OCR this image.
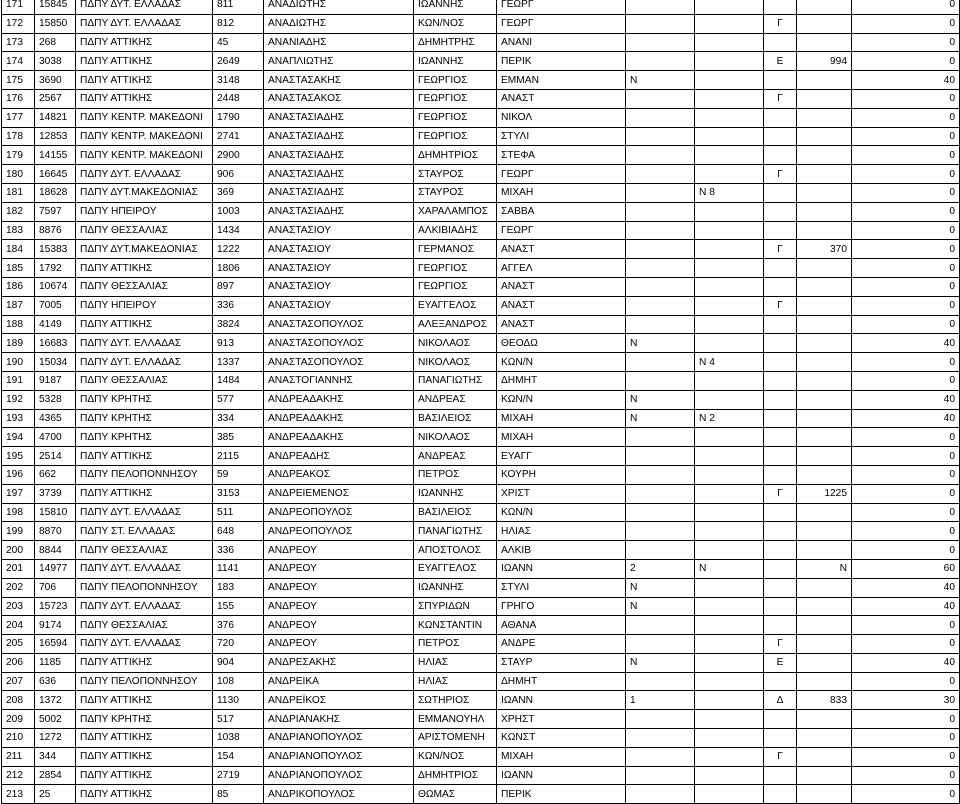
171	15845	ΠΔΠΥ ΔΥΤ. ΕΛΛΑΔΑΣ	811	ΑΝΑΔΙΩΤΗΣ	ΙΩΑΝΝΗΣ	ΓΕΩΡΓ					0
172	15850	ΠΔΠΥ ΔΥΤ. ΕΛΛΑΔΑΣ	812	ΑΝΑΔΙΩΤΗΣ	ΚΩΝ/ΝΟΣ	ΓΕΩΡΓ			Γ		0
173	268	ΠΔΠΥ ΑΤΤΙΚΗΣ	45	ΑΝΑΝΙΑΔΗΣ	ΔΗΜΗΤΡΗΣ	ΑΝΑΝΙ					0
174	3038	ΠΔΠΥ ΑΤΤΙΚΗΣ	2649	ΑΝΑΠΛΙΩΤΗΣ	ΙΩΑΝΝΗΣ	ΠΕΡΙΚ			Ε	994	0
175	3690	ΠΔΠΥ ΑΤΤΙΚΗΣ	3148	ΑΝΑΣΤΑΣΑΚΗΣ	ΓΕΩΡΓΙΟΣ	ΕΜΜΑΝ	Ν				40
176	2567	ΠΔΠΥ ΑΤΤΙΚΗΣ	2448	ΑΝΑΣΤΑΣΑΚΟΣ	ΓΕΩΡΓΙΟΣ	ΑΝΑΣΤ			Γ		0
177	14821	ΠΔΠΥ ΚΕΝΤΡ. ΜΑΚΕΔΟΝΙ	1790	ΑΝΑΣΤΑΣΙΑΔΗΣ	ΓΕΩΡΓΙΟΣ	ΝΙΚΟΛ					0
178	12853	ΠΔΠΥ ΚΕΝΤΡ. ΜΑΚΕΔΟΝΙ	2741	ΑΝΑΣΤΑΣΙΑΔΗΣ	ΓΕΩΡΓΙΟΣ	ΣΤΥΛΙ					0
179	14155	ΠΔΠΥ ΚΕΝΤΡ. ΜΑΚΕΔΟΝΙ	2900	ΑΝΑΣΤΑΣΙΑΔΗΣ	ΔΗΜΗΤΡΙΟΣ	ΣΤΕΦΑ					0
180	16645	ΠΔΠΥ ΔΥΤ. ΕΛΛΑΔΑΣ	906	ΑΝΑΣΤΑΣΙΑΔΗΣ	ΣΤΑΥΡΟΣ	ΓΕΩΡΓ			Γ		0
181	18628	ΠΔΠΥ ΔΥΤ.ΜΑΚΕΔΟΝΙΑΣ	369	ΑΝΑΣΤΑΣΙΑΔΗΣ	ΣΤΑΥΡΟΣ	ΜΙΧΑΗ		Ν 8			0
182	7597	ΠΔΠΥ ΗΠΕΙΡΟΥ	1003	ΑΝΑΣΤΑΣΙΑΔΗΣ	ΧΑΡΑΛΑΜΠΟΣ	ΣΑΒΒΑ					0
183	8876	ΠΔΠΥ ΘΕΣΣΑΛΙΑΣ	1434	ΑΝΑΣΤΑΣΙΟΥ	ΑΛΚΙΒΙΑΔΗΣ	ΓΕΩΡΓ					0
184	15383	ΠΔΠΥ ΔΥΤ.ΜΑΚΕΔΟΝΙΑΣ	1222	ΑΝΑΣΤΑΣΙΟΥ	ΓΕΡΜΑΝΟΣ	ΑΝΑΣΤ			Γ	370	0
185	1792	ΠΔΠΥ ΑΤΤΙΚΗΣ	1806	ΑΝΑΣΤΑΣΙΟΥ	ΓΕΩΡΓΙΟΣ	ΑΓΓΕΛ					0
186	10674	ΠΔΠΥ ΘΕΣΣΑΛΙΑΣ	897	ΑΝΑΣΤΑΣΙΟΥ	ΓΕΩΡΓΙΟΣ	ΑΝΑΣΤ					0
187	7005	ΠΔΠΥ ΗΠΕΙΡΟΥ	336	ΑΝΑΣΤΑΣΙΟΥ	ΕΥΑΓΓΕΛΟΣ	ΑΝΑΣΤ			Γ		0
188	4149	ΠΔΠΥ ΑΤΤΙΚΗΣ	3824	ΑΝΑΣΤΑΣΟΠΟΥΛΟΣ	ΑΛΕΞΑΝΔΡΟΣ	ΑΝΑΣΤ					0
189	16683	ΠΔΠΥ ΔΥΤ. ΕΛΛΑΔΑΣ	913	ΑΝΑΣΤΑΣΟΠΟΥΛΟΣ	ΝΙΚΟΛΑΟΣ	ΘΕΟΔΩ	Ν				40
190	15034	ΠΔΠΥ ΔΥΤ. ΕΛΛΑΔΑΣ	1337	ΑΝΑΣΤΑΣΟΠΟΥΛΟΣ	ΝΙΚΟΛΑΟΣ	ΚΩΝ/Ν		Ν 4			0
191	9187	ΠΔΠΥ ΘΕΣΣΑΛΙΑΣ	1484	ΑΝΑΣΤΟΓΙΑΝΝΗΣ	ΠΑΝΑΓΙΩΤΗΣ	ΔΗΜΗΤ					0
192	5328	ΠΔΠΥ ΚΡΗΤΗΣ	577	ΑΝΔΡΕΑΔΑΚΗΣ	ΑΝΔΡΕΑΣ	ΚΩΝ/Ν	Ν				40
193	4365	ΠΔΠΥ ΚΡΗΤΗΣ	334	ΑΝΔΡΕΑΔΑΚΗΣ	ΒΑΣΙΛΕΙΟΣ	ΜΙΧΑΗ	Ν	Ν 2			40
194	4700	ΠΔΠΥ ΚΡΗΤΗΣ	385	ΑΝΔΡΕΑΔΑΚΗΣ	ΝΙΚΟΛΑΟΣ	ΜΙΧΑΗ					0
195	2514	ΠΔΠΥ ΑΤΤΙΚΗΣ	2115	ΑΝΔΡΕΑΔΗΣ	ΑΝΔΡΕΑΣ	ΕΥΑΓΓ					0
196	662	ΠΔΠΥ ΠΕΛΟΠΟΝΝΗΣΟΥ	59	ΑΝΔΡΕΑΚΟΣ	ΠΕΤΡΟΣ	ΚΟΥΡΗ					0
197	3739	ΠΔΠΥ ΑΤΤΙΚΗΣ	3153	ΑΝΔΡΕΙΕΜΕΝΟΣ	ΙΩΑΝΝΗΣ	ΧΡΙΣΤ			Γ	1225	0
198	15810	ΠΔΠΥ ΔΥΤ. ΕΛΛΑΔΑΣ	511	ΑΝΔΡΕΟΠΟΥΛΟΣ	ΒΑΣΙΛΕΙΟΣ	ΚΩΝ/Ν					0
199	8870	ΠΔΠΥ ΣΤ. ΕΛΛΑΔΑΣ	648	ΑΝΔΡΕΟΠΟΥΛΟΣ	ΠΑΝΑΓΙΩΤΗΣ	ΗΛΙΑΣ					0
200	8844	ΠΔΠΥ ΘΕΣΣΑΛΙΑΣ	336	ΑΝΔΡΕΟΥ	ΑΠΟΣΤΟΛΟΣ	ΑΛΚΙΒ					0
201	14977	ΠΔΠΥ ΔΥΤ. ΕΛΛΑΔΑΣ	1141	ΑΝΔΡΕΟΥ	ΕΥΑΓΓΕΛΟΣ	ΙΩΑΝΝ	2	Ν		Ν	60
202	706	ΠΔΠΥ ΠΕΛΟΠΟΝΝΗΣΟΥ	183	ΑΝΔΡΕΟΥ	ΙΩΑΝΝΗΣ	ΣΤΥΛΙ	Ν				40
203	15723	ΠΔΠΥ ΔΥΤ. ΕΛΛΑΔΑΣ	155	ΑΝΔΡΕΟΥ	ΣΠΥΡΙΔΩΝ	ΓΡΗΓΟ	Ν				40
204	9174	ΠΔΠΥ ΘΕΣΣΑΛΙΑΣ	376	ΑΝΔΡΕΟΥ	ΚΩΝΣΤΑΝΤΙΝ	ΑΘΑΝΑ					0
205	16594	ΠΔΠΥ ΔΥΤ. ΕΛΛΑΔΑΣ	720	ΑΝΔΡΕΟΥ	ΠΕΤΡΟΣ	ΑΝΔΡΕ			Γ		0
206	1185	ΠΔΠΥ ΑΤΤΙΚΗΣ	904	ΑΝΔΡΕΣΑΚΗΣ	ΗΛΙΑΣ	ΣΤΑΥΡ	Ν		Ε		40
207	636	ΠΔΠΥ ΠΕΛΟΠΟΝΝΗΣΟΥ	108	ΑΝΔΡΕΙΚΑ	ΗΛΙΑΣ	ΔΗΜΗΤ					0
208	1372	ΠΔΠΥ ΑΤΤΙΚΗΣ	1130	ΑΝΔΡΕΪΚΟΣ	ΣΩΤΗΡΙΟΣ	ΙΩΑΝΝ	1		Δ	833	30
209	5002	ΠΔΠΥ ΚΡΗΤΗΣ	517	ΑΝΔΡΙΑΝΑΚΗΣ	ΕΜΜΑΝΟΥΗΛ	ΧΡΗΣΤ					0
210	1272	ΠΔΠΥ ΑΤΤΙΚΗΣ	1038	ΑΝΔΡΙΑΝΟΠΟΥΛΟΣ	ΑΡΙΣΤΟΜΕΝΗ	ΚΩΝΣΤ					0
211	344	ΠΔΠΥ ΑΤΤΙΚΗΣ	154	ΑΝΔΡΙΑΝΟΠΟΥΛΟΣ	ΚΩΝ/ΝΟΣ	ΜΙΧΑΗ			Γ		0
212	2854	ΠΔΠΥ ΑΤΤΙΚΗΣ	2719	ΑΝΔΡΙΑΝΟΠΟΥΛΟΣ	ΔΗΜΗΤΡΙΟΣ	ΙΩΑΝΝ					0
213	25	ΠΔΠΥ ΑΤΤΙΚΗΣ	85	ΑΝΔΡΙΚΟΠΟΥΛΟΣ	ΘΩΜΑΣ	ΠΕΡΙΚ					0
